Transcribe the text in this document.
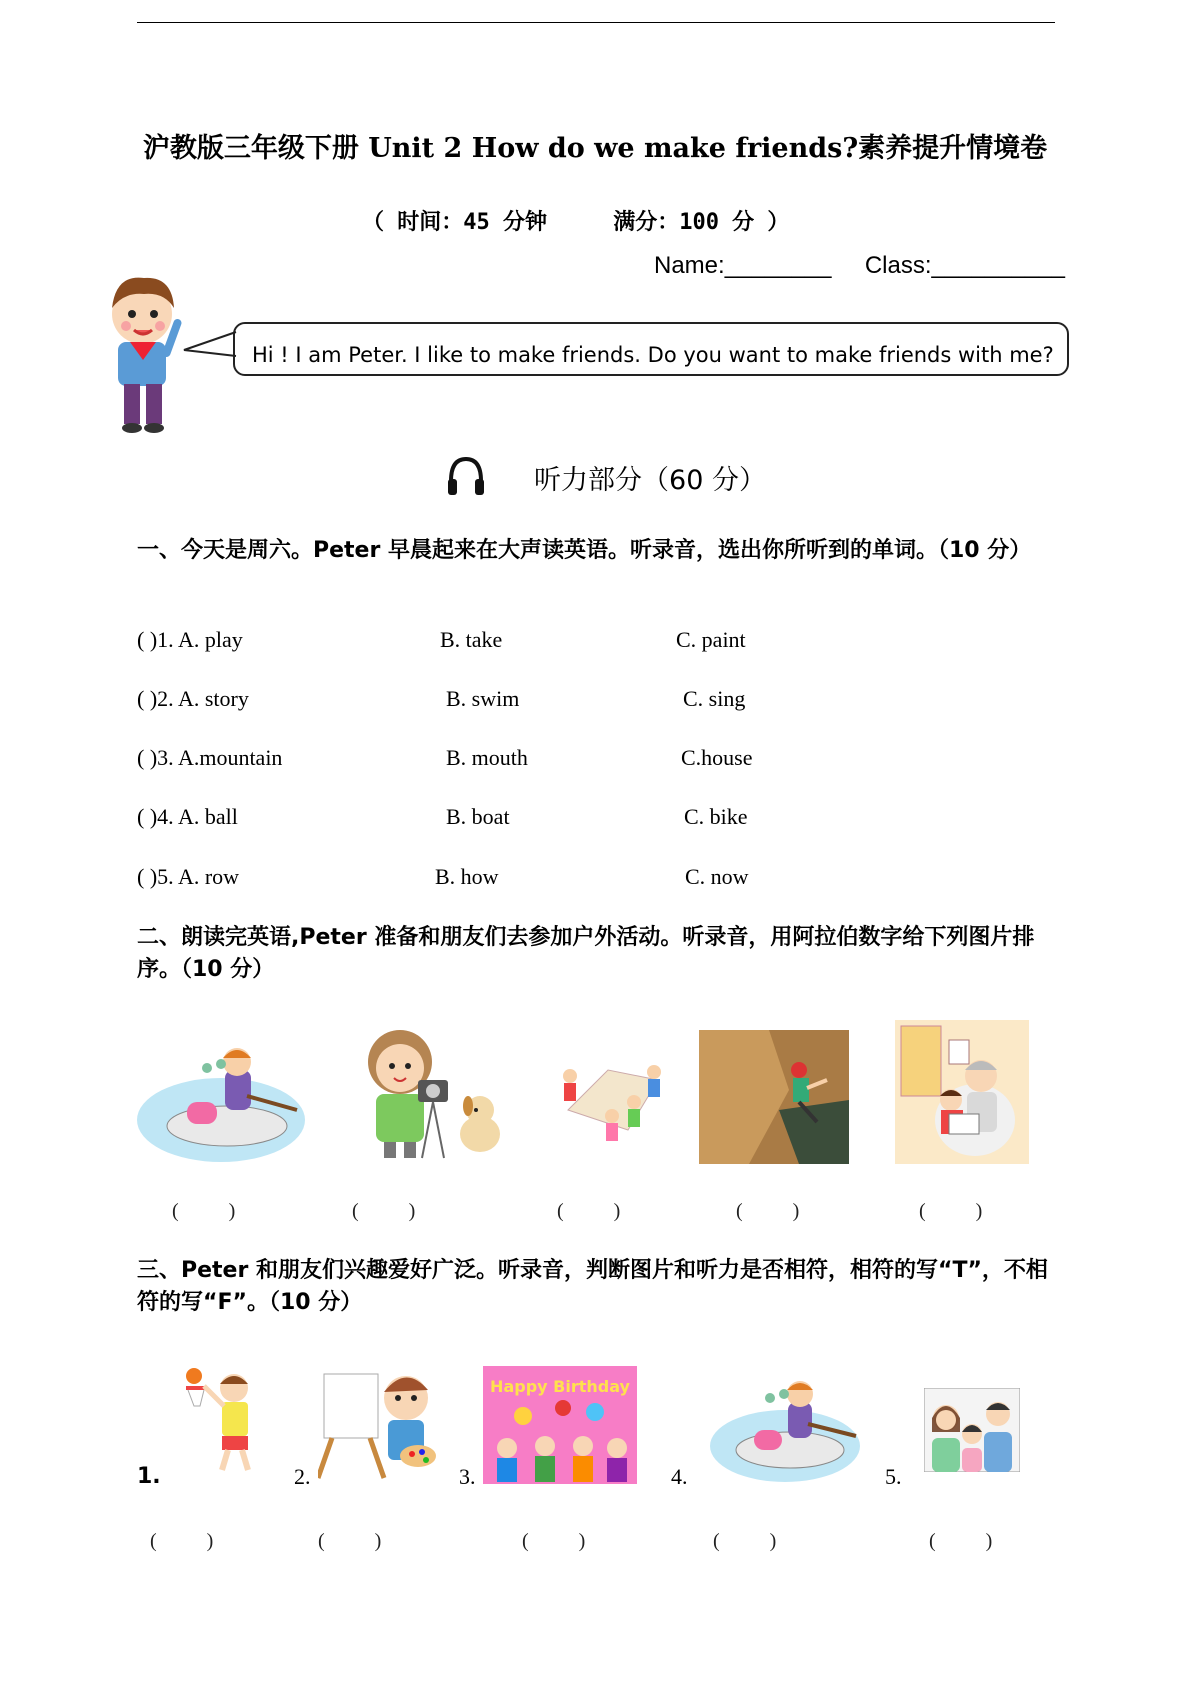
沪教版三年级下册 Unit 2 How do we make friends?素养提升情境卷
（ 时间：45 分钟     满分：100 分 ）
Name:________ Class:__________
Hi ! I am Peter. I like to make friends. Do you want to make friends with me?
听力部分（60 分）
一、今天是周六。Peter 早晨起来在大声读英语。听录音，选出你所听到的单词。（10 分）
( )1. A. play	B. take	C. paint
( )2. A. story	B. swim	C. sing
( )3. A.mountain	B. mouth	C.house
( )4. A. ball	B. boat	C. bike
( )5. A. row	B. how	C. now
二、朗读完英语,Peter 准备和朋友们去参加户外活动。听录音，用阿拉伯数字给下列图片排序。（10 分）
(          )	(          )	(          )	(          )	(          )
三、Peter 和朋友们兴趣爱好广泛。听录音，判断图片和听力是否相符，相符的写“T”，不相符的写“F”。（10 分）
1.	2.	3.
Happy Birthday
4.	5.
(          )	(          )	(          )	(          )	(          )
